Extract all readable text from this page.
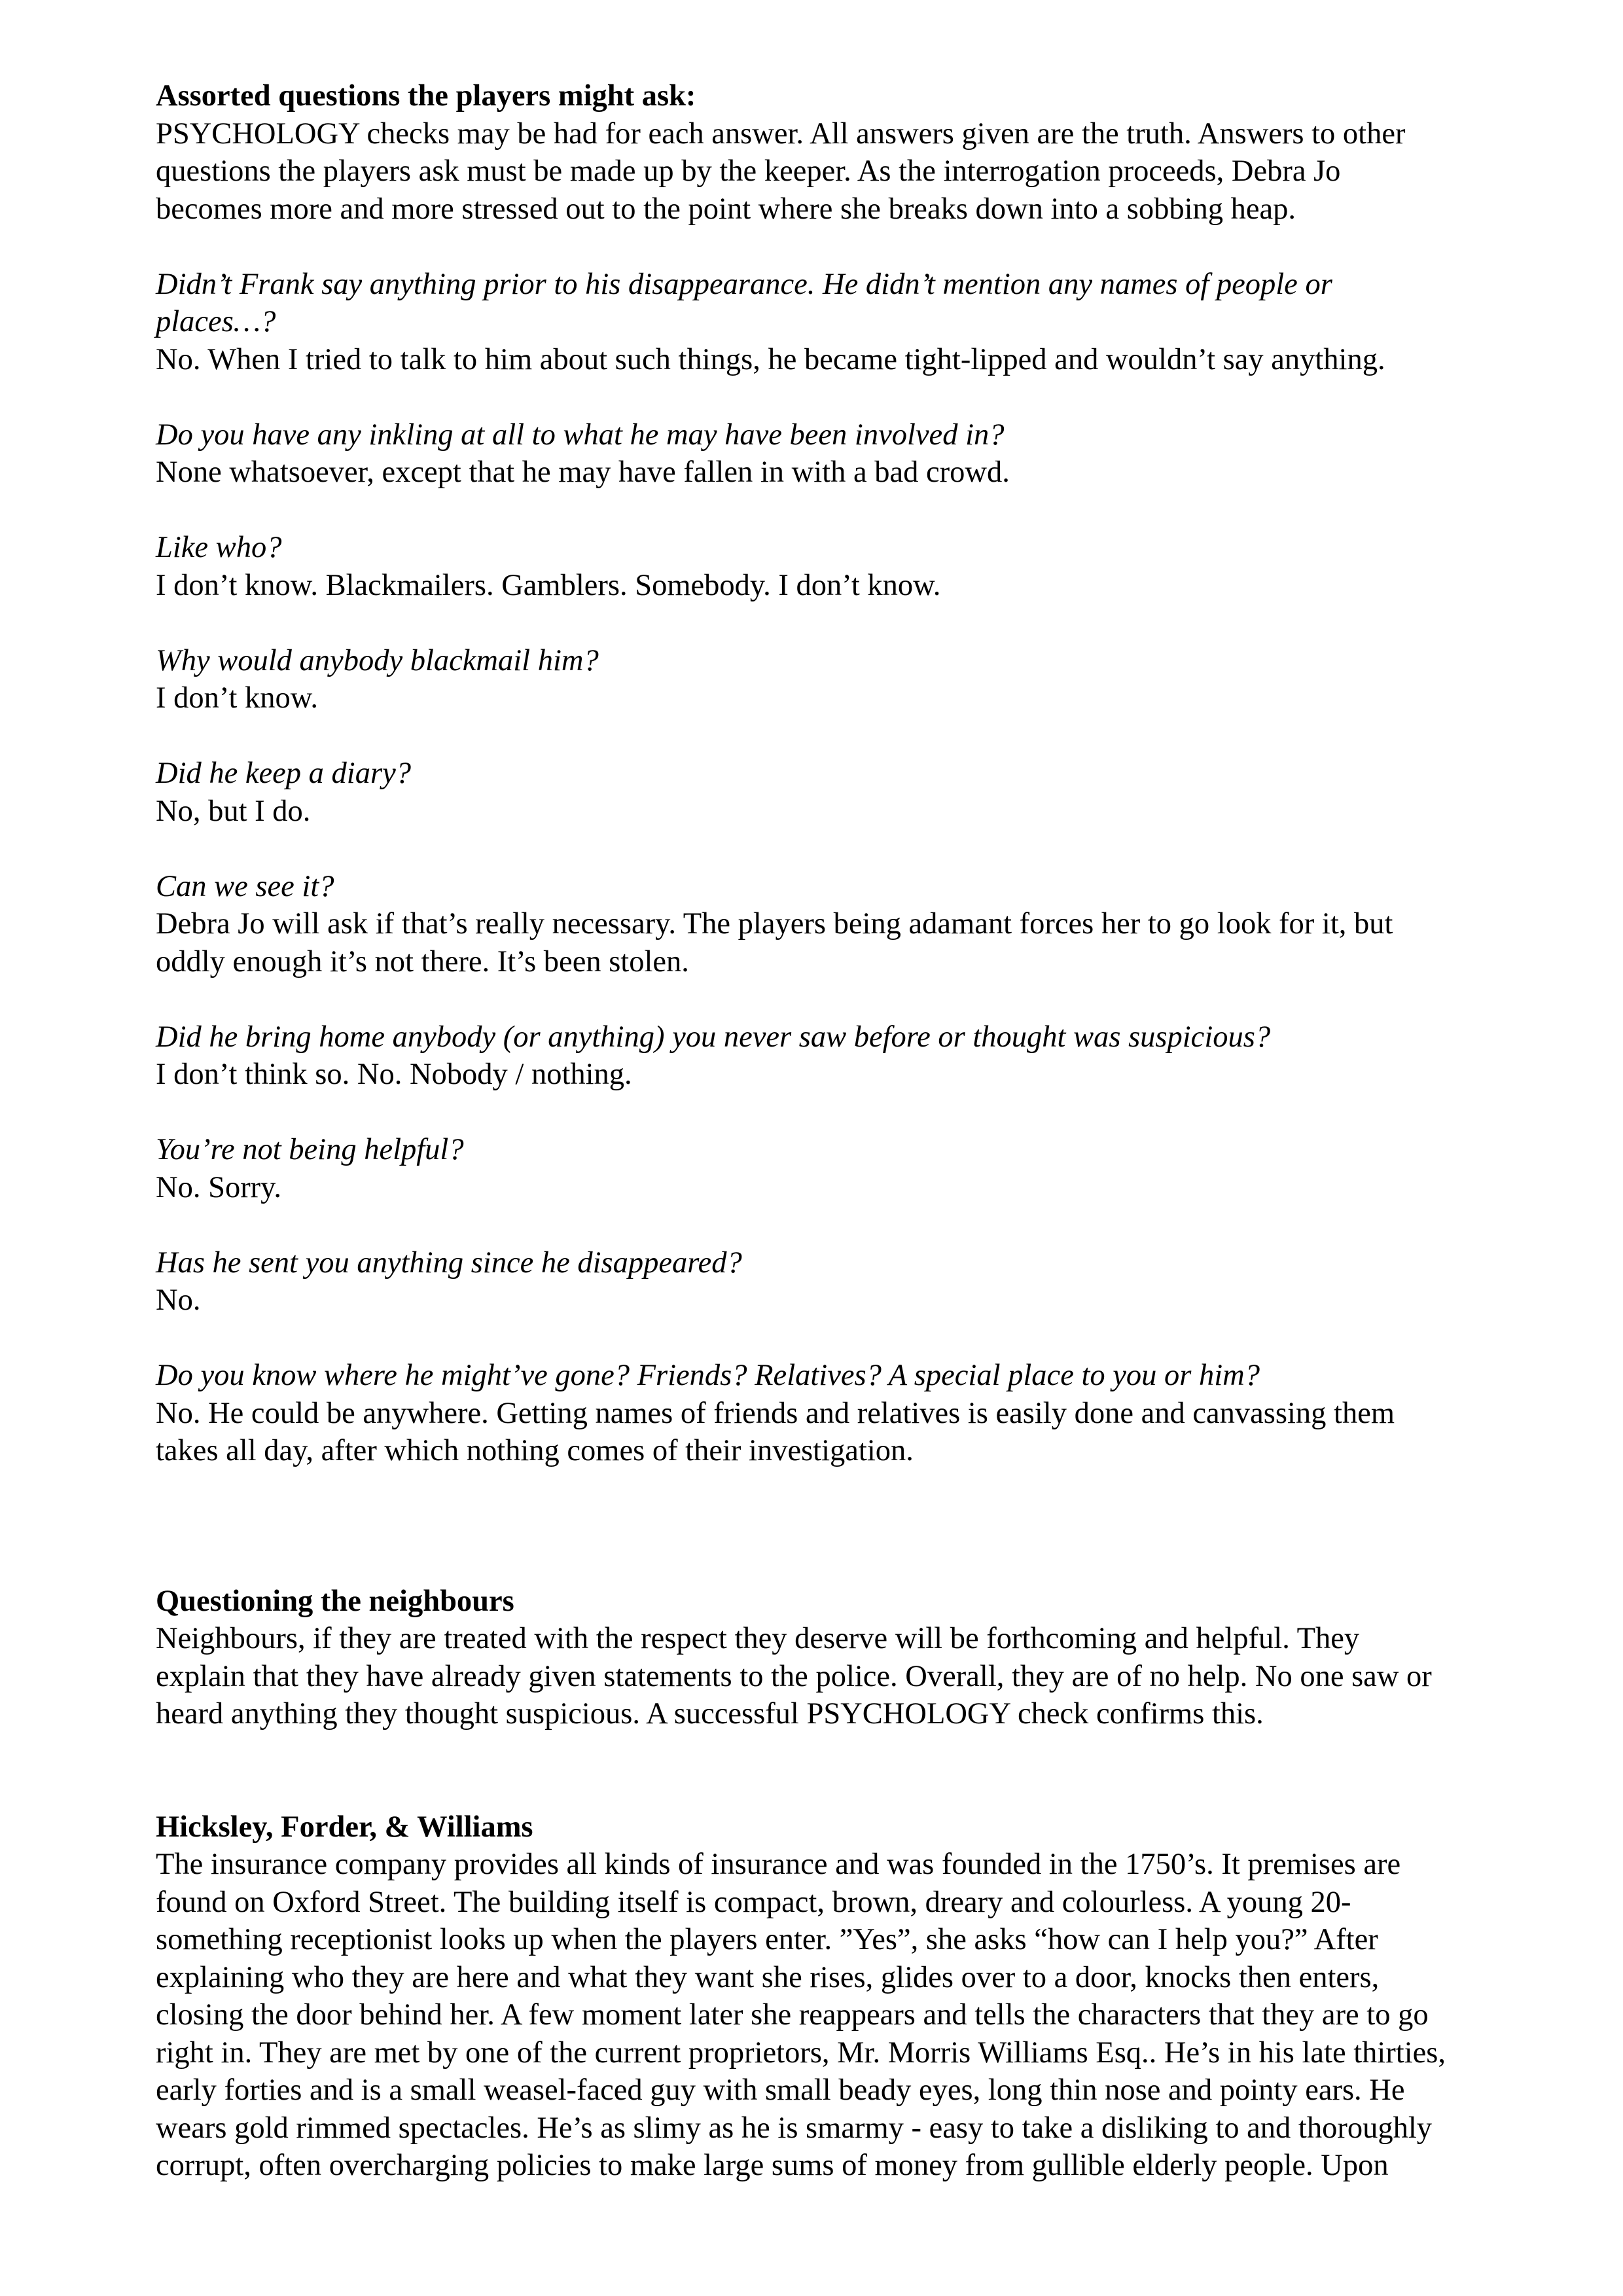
Assorted questions the players might ask:

PSYCHOLOGY checks may be had for each answer. All answers given are the truth. Answers to other

questions the players ask must be made up by the keeper. As the interrogation proceeds, Debra Jo

becomes more and more stressed out to the point where she breaks down into a sobbing heap.

Didn’t Frank say anything prior to his disappearance. He didn’t mention any names of people or

places…?

No. When I tried to talk to him about such things, he became tight-lipped and wouldn’t say anything.

Do you have any inkling at all to what he may have been involved in?

None whatsoever, except that he may have fallen in with a bad crowd.

Like who?

I don’t know. Blackmailers. Gamblers. Somebody. I don’t know.

Why would anybody blackmail him?

I don’t know.

Did he keep a diary?

No, but I do.

Can we see it?

Debra Jo will ask if that’s really necessary. The players being adamant forces her to go look for it, but

oddly enough it’s not there. It’s been stolen.

Did he bring home anybody (or anything) you never saw before or thought was suspicious?

I don’t think so. No. Nobody / nothing.

You’re not being helpful?

No. Sorry.

Has he sent you anything since he disappeared?

No.

Do you know where he might’ve gone? Friends? Relatives? A special place to you or him?

No. He could be anywhere. Getting names of friends and relatives is easily done and canvassing them

takes all day, after which nothing comes of their investigation.

Questioning the neighbours

Neighbours, if they are treated with the respect they deserve will be forthcoming and helpful. They

explain that they have already given statements to the police. Overall, they are of no help. No one saw or

heard anything they thought suspicious. A successful PSYCHOLOGY check confirms this.

Hicksley, Forder, & Williams

The insurance company provides all kinds of insurance and was founded in the 1750’s. It premises are

found on Oxford Street. The building itself is compact, brown, dreary and colourless. A young 20-

something receptionist looks up when the players enter. ”Yes”, she asks “how can I help you?” After

explaining who they are here and what they want she rises, glides over to a door, knocks then enters,

closing the door behind her. A few moment later she reappears and tells the characters that they are to go

right in. They are met by one of the current proprietors, Mr. Morris Williams Esq.. He’s in his late thirties,

early forties and is a small weasel-faced guy with small beady eyes, long thin nose and pointy ears. He

wears gold rimmed spectacles. He’s as slimy as he is smarmy - easy to take a disliking to and thoroughly

corrupt, often overcharging policies to make large sums of money from gullible elderly people. Upon
